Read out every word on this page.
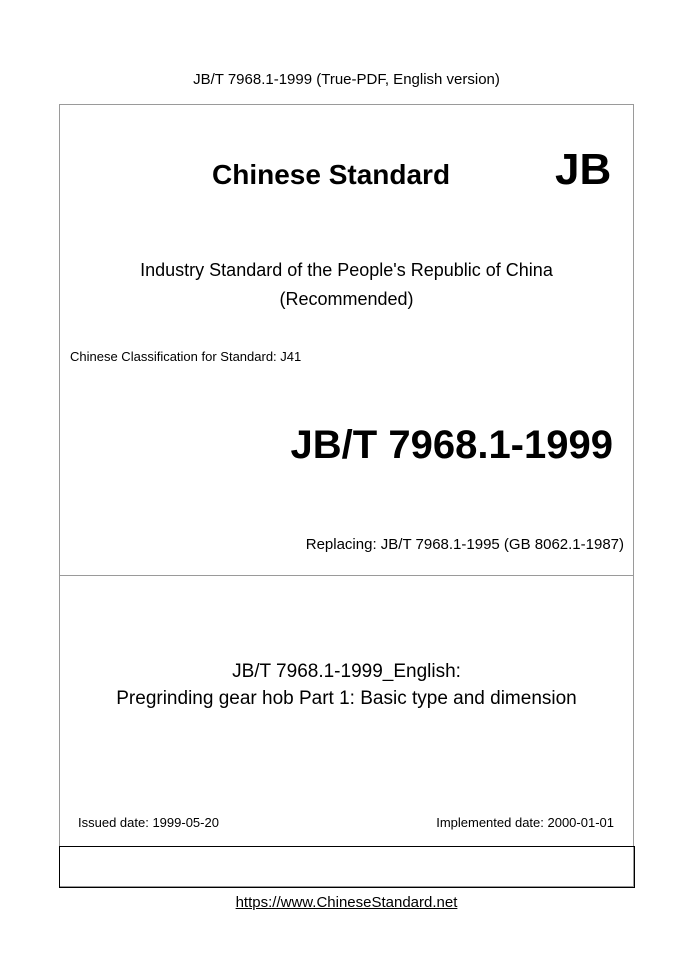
JB/T 7968.1-1999 (True-PDF, English version)
Chinese Standard JB
Industry Standard of the People's Republic of China
(Recommended)
Chinese Classification for Standard: J41
JB/T 7968.1-1999
Replacing: JB/T 7968.1-1995 (GB 8062.1-1987)
JB/T 7968.1-1999_English:
Pregrinding gear hob Part 1: Basic type and dimension
Issued date: 1999-05-20	Implemented date: 2000-01-01
https://www.ChineseStandard.net
